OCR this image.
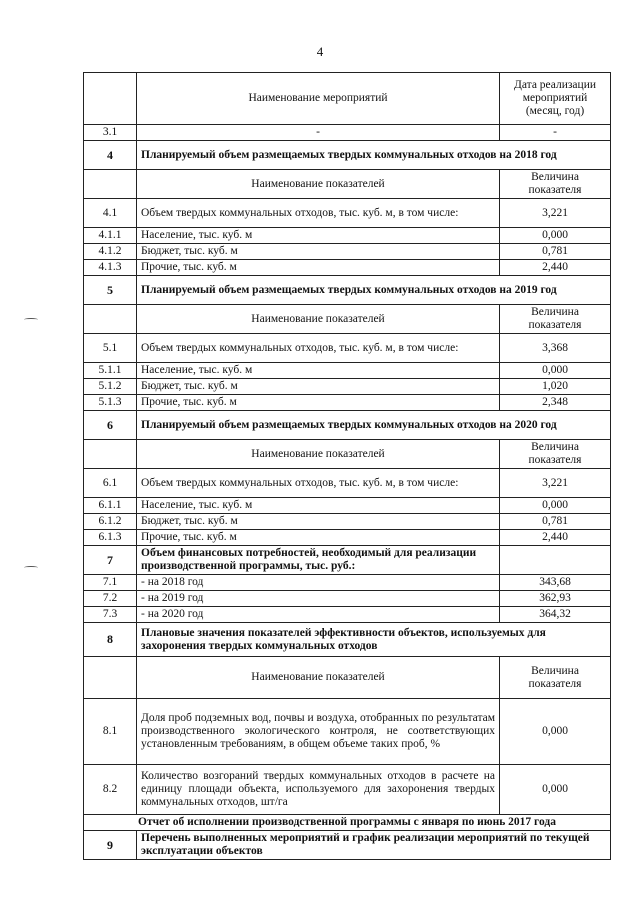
4
	Наименование мероприятий	Дата реализации мероприятий (месяц, год)
3.1	-	-
4	Планируемый объем размещаемых твердых коммунальных отходов на 2018 год	
	Наименование показателей	Величина показателя
4.1	Объем твердых коммунальных отходов, тыс. куб. м, в том числе:	3,221
4.1.1	Население, тыс. куб. м	0,000
4.1.2	Бюджет, тыс. куб. м	0,781
4.1.3	Прочие, тыс. куб. м	2,440
5	Планируемый объем размещаемых твердых коммунальных отходов на 2019 год	
	Наименование показателей	Величина показателя
5.1	Объем твердых коммунальных отходов, тыс. куб. м, в том числе:	3,368
5.1.1	Население, тыс. куб. м	0,000
5.1.2	Бюджет, тыс. куб. м	1,020
5.1.3	Прочие, тыс. куб. м	2,348
6	Планируемый объем размещаемых твердых коммунальных отходов на 2020 год	
	Наименование показателей	Величина показателя
6.1	Объем твердых коммунальных отходов, тыс. куб. м, в том числе:	3,221
6.1.1	Население, тыс. куб. м	0,000
6.1.2	Бюджет, тыс. куб. м	0,781
6.1.3	Прочие, тыс. куб. м	2,440
7	Объем финансовых потребностей, необходимый для реализации производственной программы, тыс. руб.:	
7.1	- на 2018 год	343,68
7.2	- на 2019 год	362,93
7.3	- на 2020 год	364,32
8	Плановые значения показателей эффективности объектов, используемых для захоронения твердых коммунальных отходов	
	Наименование показателей	Величина показателя
8.1	Доля проб подземных вод, почвы и воздуха, отобранных по результатам производственного экологического контроля, не соответствующих установленным требованиям, в общем объеме таких проб, %	0,000
8.2	Количество возгораний твердых коммунальных отходов в расчете на единицу площади объекта, используемого для захоронения твердых коммунальных отходов, шт/га	0,000
Отчет об исполнении производственной программы с января по июнь 2017 года		
9	Перечень выполненных мероприятий и график реализации мероприятий по текущей эксплуатации объектов	
